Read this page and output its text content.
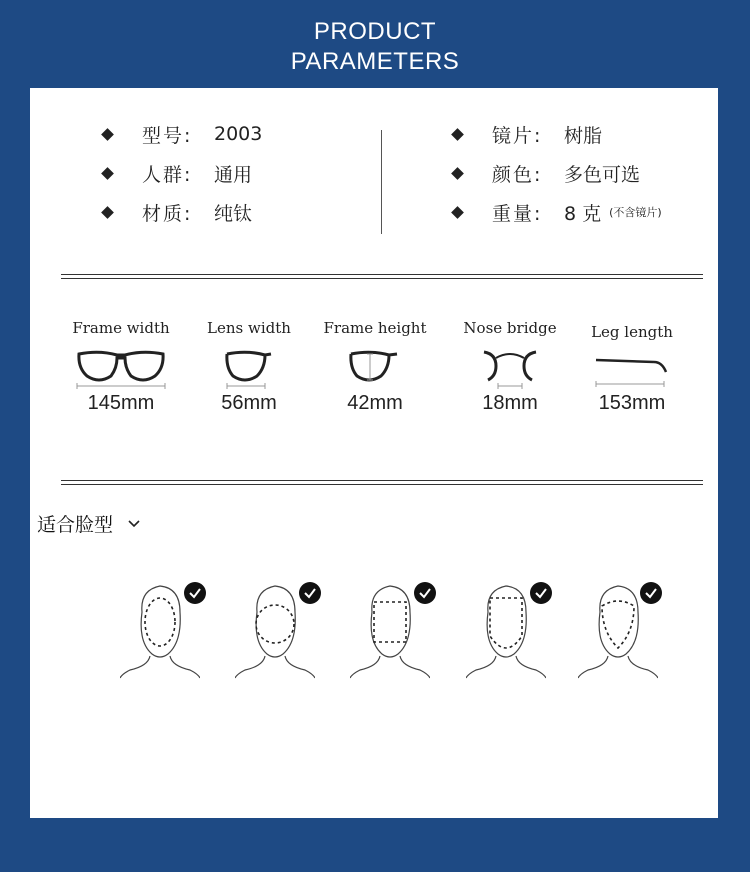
PRODUCT
PARAMETERS
型号:	2003
人群:	通用
材质:	纯钛
镜片:	树脂
颜色:	多色可选
重量:	8 克 (不含镜片)
Frame width
145mm
Lens width
56mm
Frame height
42mm
Nose bridge
18mm
Leg length
153mm
适合脸型
